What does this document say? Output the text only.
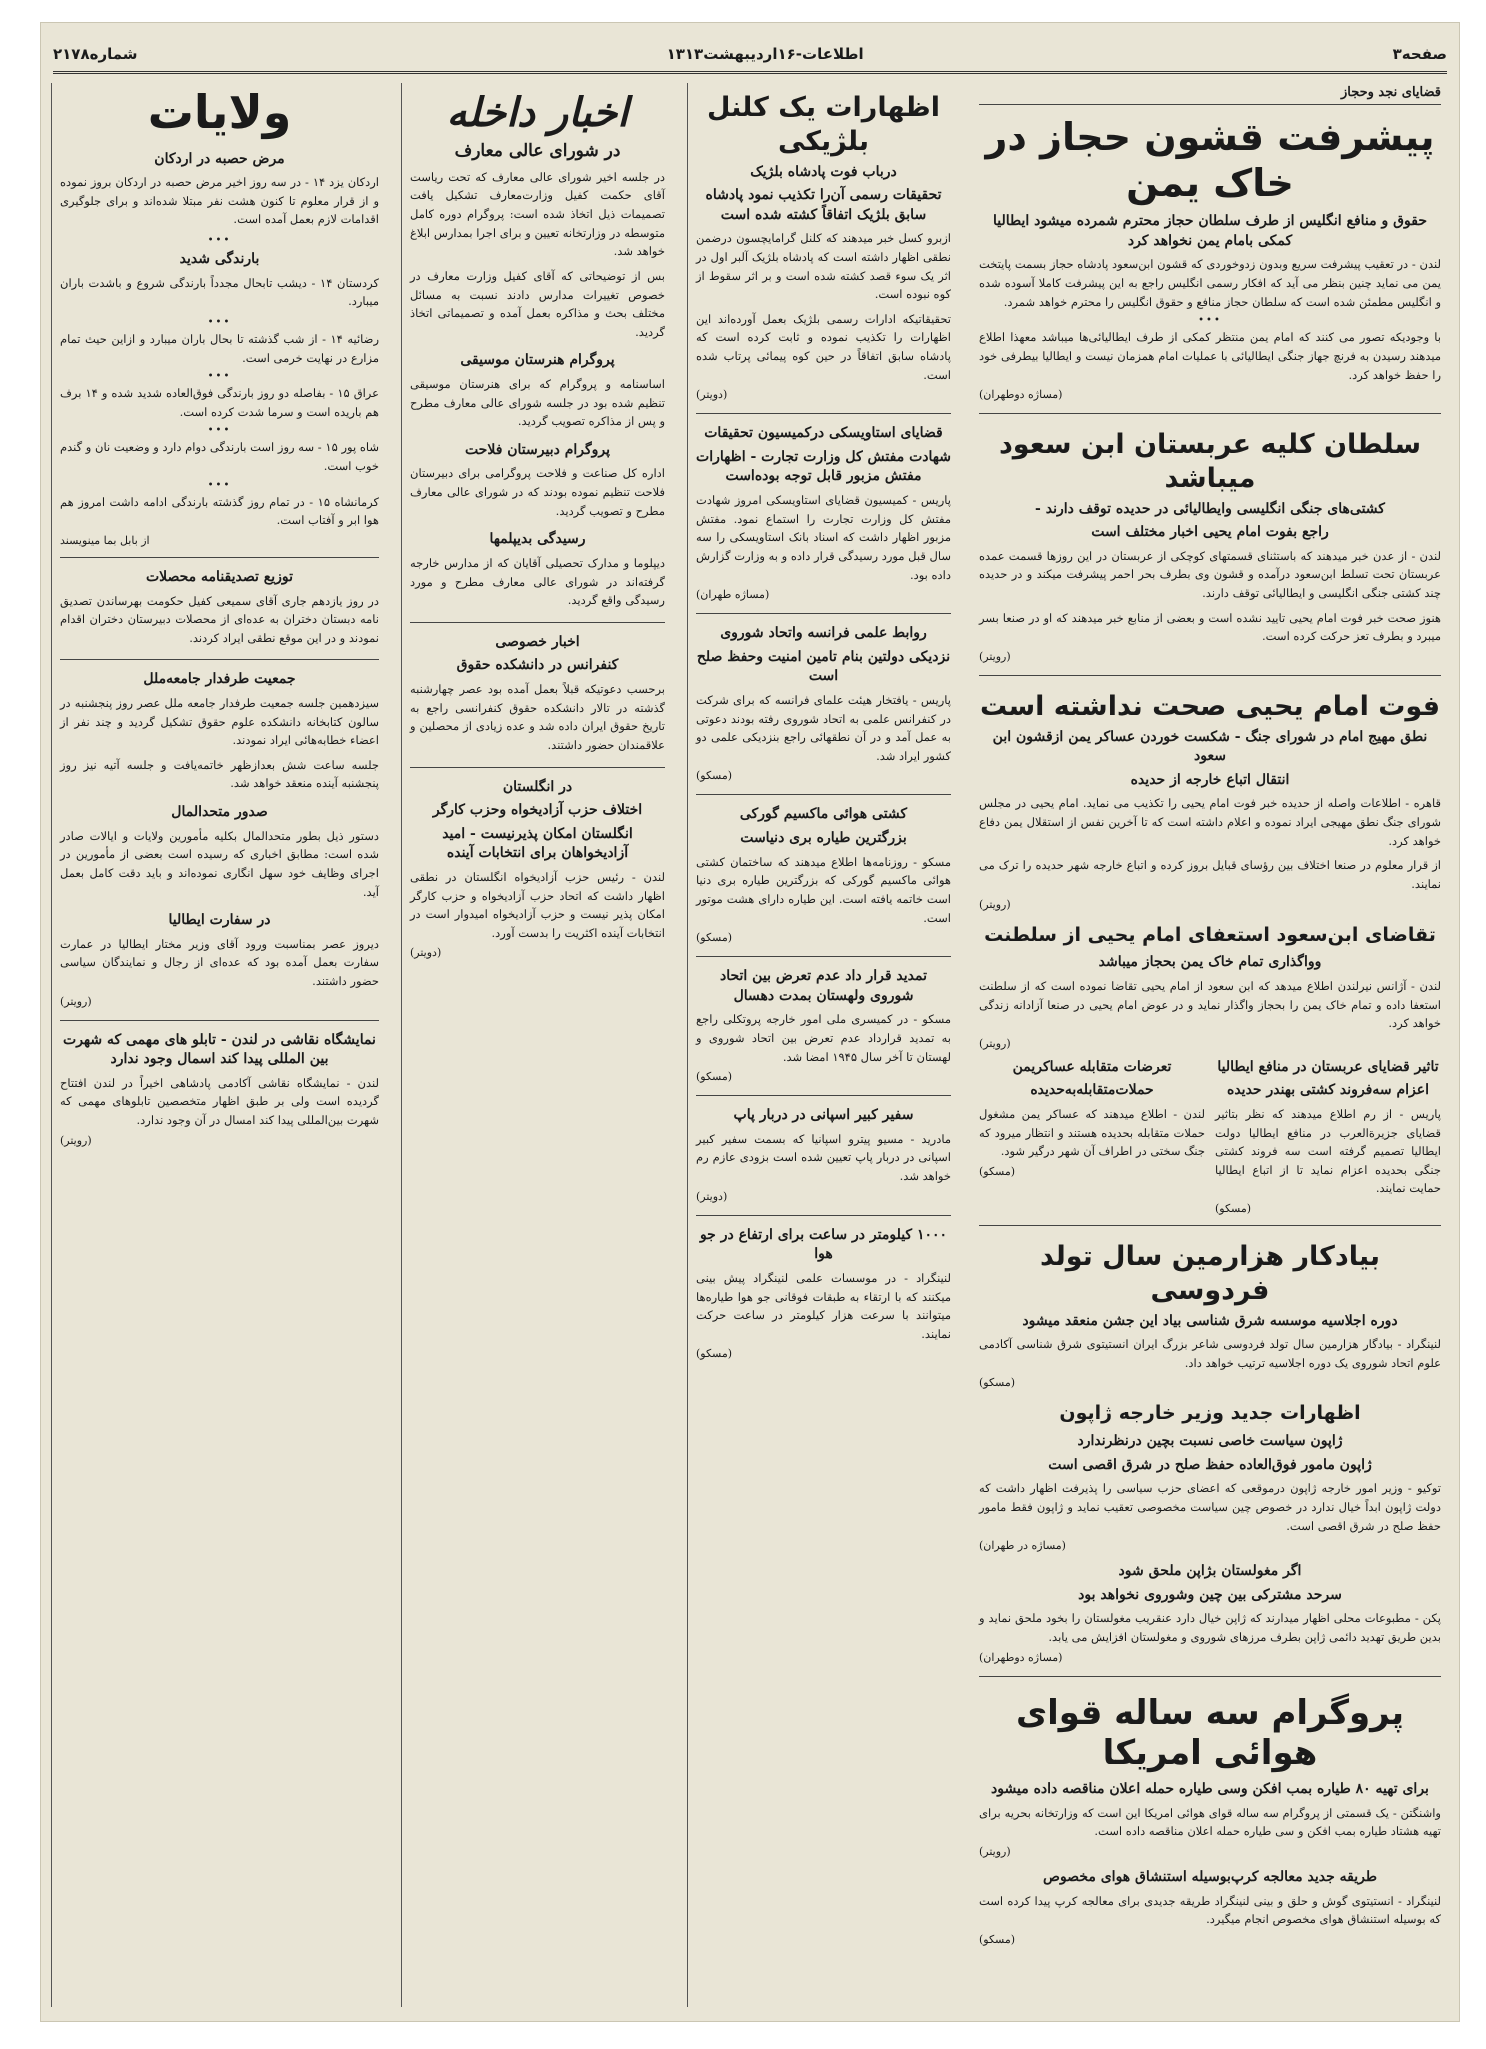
صفحه۳
اطلاعات-۱۶اردیبهشت۱۳۱۳
شماره۲۱۷۸
قضایای نجد وحجاز
پیشرفت قشون حجاز در خاک یمن
حقوق و منافع انگلیس از طرف سلطان حجاز محترم شمرده میشود ایطالیا کمکی بامام یمن نخواهد کرد
لندن - در تعقیب پیشرفت سریع وبدون زدوخوردی که قشون ابن‌سعود پادشاه حجاز بسمت پایتخت یمن می نماید چنین بنظر می آید که افکار رسمی انگلیس راجع به این پیشرفت کاملا آسوده شده و انگلیس مطمئن شده است که سلطان حجاز منافع و حقوق انگلیس را محترم خواهد شمرد.
•••
با وجودیکه تصور می کنند که امام یمن منتظر کمکی از طرف ایطالیائی‌ها میباشد معهذا اطلاع میدهند رسیدن به فرنچ جهاز جنگی ایطالیائی با عملیات امام همزمان نیست و ایطالیا بیطرفی خود را حفظ خواهد کرد.
(مساژه دوطهران)
سلطان کلیه عربستان ابن سعود میباشد
کشتی‌های جنگی انگلیسی وایطالیائی در حدیده توقف دارند -
راجع بفوت امام یحیی اخبار مختلف است
لندن - از عدن خبر میدهند که باستثنای قسمتهای کوچکی از عربستان در این روزها قسمت عمده عربستان تحت تسلط ابن‌سعود درآمده و قشون وی بطرف بحر احمر پیشرفت میکند و در حدیده چند کشتی جنگی انگلیسی و ایطالیائی توقف دارند.
هنوز صحت خبر فوت امام یحیی تایید نشده است و بعضی از منابع خبر میدهند که او در صنعا بسر میبرد و بطرف تعز حرکت کرده است.
(رویتر)
فوت امام یحیی صحت نداشته است
نطق مهیج امام در شورای جنگ - شکست خوردن عساکر یمن ازقشون ابن سعود
انتقال اتباع خارجه از حدیده
قاهره - اطلاعات واصله از حدیده خبر فوت امام یحیی را تکذیب می نماید. امام یحیی در مجلس شورای جنگ نطق مهیجی ایراد نموده و اعلام داشته است که تا آخرین نفس از استقلال یمن دفاع خواهد کرد.
از قرار معلوم در صنعا اختلاف بین رؤسای قبایل بروز کرده و اتباع خارجه شهر حدیده را ترک می نمایند.
(رویتر)
تقاضای ابن‌سعود استعفای امام یحیی از سلطنت
وواگذاری تمام خاک یمن بحجاز میباشد
لندن - آژانس نیرلندن اطلاع میدهد که ابن سعود از امام یحیی تقاضا نموده است که از سلطنت استعفا داده و تمام خاک یمن را بحجاز واگذار نماید و در عوض امام یحیی در صنعا آزادانه زندگی خواهد کرد.
(رویتر)
تاثیر قضایای عربستان در منافع ایطالیا
اعزام سه‌فروند کشتی بهندر حدیده
پاریس - از رم اطلاع میدهند که نظر بتاثیر قضایای جزیرة‌العرب در منافع ایطالیا دولت ایطالیا تصمیم گرفته است سه فروند کشتی جنگی بحدیده اعزام نماید تا از اتباع ایطالیا حمایت نمایند.
(مسکو)
تعرضات متقابله عساکریمن
حملات‌متقابله‌به‌حدیده
لندن - اطلاع میدهند که عساکر یمن مشغول حملات متقابله بحدیده هستند و انتظار میرود که جنگ سختی در اطراف آن شهر درگیر شود.
(مسکو)
بیادکار هزارمین سال تولد فردوسی
دوره اجلاسیه موسسه شرق شناسی بیاد این جشن منعقد میشود
لنینگراد - بیادگار هزارمین سال تولد فردوسی شاعر بزرگ ایران انستیتوی شرق شناسی آکادمی علوم اتحاد شوروی یک دوره اجلاسیه ترتیب خواهد داد.
(مسکو)
اظهارات جدید وزیر خارجه ژاپون
ژاپون سیاست خاصی نسبت بچین درنظرندارد
ژاپون مامور فوق‌العاده حفظ صلح در شرق اقصی است
توکیو - وزیر امور خارجه ژاپون درموقعی که اعضای حزب سیاسی را پذیرفت اظهار داشت که دولت ژاپون ابداً خیال ندارد در خصوص چین سیاست مخصوصی تعقیب نماید و ژاپون فقط مامور حفظ صلح در شرق اقصی است.
(مساژه در طهران)
اگر مغولستان بژاپن ملحق شود
سرحد مشترکی بین چین وشوروی نخواهد بود
پکن - مطبوعات محلی اظهار میدارند که ژاپن خیال دارد عنقریب مغولستان را بخود ملحق نماید و بدین طریق تهدید دائمی ژاپن بطرف مرزهای شوروی و مغولستان افزایش می یابد.
(مساژه دوطهران)
پروگرام سه ساله قوای هوائی امریکا
برای تهیه ۸۰ طیاره بمب افکن وسی طیاره حمله اعلان مناقصه داده میشود
واشنگتن - یک قسمتی از پروگرام سه ساله قوای هوائی امریکا این است که وزارتخانه بحریه برای تهیه هشتاد طیاره بمب افکن و سی طیاره حمله اعلان مناقصه داده است.
(رویتر)
طریقه جدید معالجه کرپ‌بوسیله استنشاق هوای مخصوص
لنینگراد - انستیتوی گوش و حلق و بینی لنینگراد طریقه جدیدی برای معالجه کرپ پیدا کرده است که بوسیله استنشاق هوای مخصوص انجام میگیرد.
(مسکو)
اظهارات یک کلنل بلژیکی
درباب فوت پادشاه بلژیک
تحقیقات رسمی آن‌را تکذیب نمود پادشاه سابق بلژیک اتفاقاً کشته شده است
ازبرو کسل خبر میدهند که کلنل گرامایچسون درضمن نطقی اظهار داشته است که پادشاه بلژیک آلبر اول در اثر یک سوء قصد کشته شده است و بر اثر سقوط از کوه نبوده است.
تحقیقاتیکه ادارات رسمی بلژیک بعمل آورده‌اند این اظهارات را تکذیب نموده و ثابت کرده است که پادشاه سابق اتفاقاً در حین کوه پیمائی پرتاب شده است.
(دویتر)
قضایای استاویسکی درکمیسیون تحقیقات
شهادت مفتش کل وزارت تجارت - اظهارات مفتش مزبور قابل توجه بوده‌است
پاریس - کمیسیون قضایای استاویسکی امروز شهادت مفتش کل وزارت تجارت را استماع نمود. مفتش مزبور اظهار داشت که اسناد بانک استاویسکی را سه سال قبل مورد رسیدگی قرار داده و به وزارت گزارش داده بود.
(مساژه طهران)
روابط علمی فرانسه واتحاد شوروی
نزدیکی دولتین بنام تامین امنیت وحفظ صلح است
پاریس - یافتخار هیئت علمای فرانسه که برای شرکت در کنفرانس علمی به اتحاد شوروی رفته بودند دعوتی به عمل آمد و در آن نطقهائی راجع بنزدیکی علمی دو کشور ایراد شد.
(مسکو)
کشتی هوائی ماکسیم گورکی
بزرگترین طیاره بری دنیاست
مسکو - روزنامه‌ها اطلاع میدهند که ساختمان کشتی هوائی ماکسیم گورکی که بزرگترین طیاره بری دنیا است خاتمه یافته است. این طیاره دارای هشت موتور است.
(مسکو)
تمدید قرار داد عدم تعرض بین اتحاد شوروی ولهستان بمدت دهسال
مسکو - در کمیسری ملی امور خارجه پروتکلی راجع به تمدید قرارداد عدم تعرض بین اتحاد شوروی و لهستان تا آخر سال ۱۹۴۵ امضا شد.
(مسکو)
سفیر کبیر اسپانی در دربار پاپ
مادرید - مسیو پیترو اسپانیا که بسمت سفیر کبیر اسپانی در دربار پاپ تعیین شده است بزودی عازم رم خواهد شد.
(دویتر)
۱۰۰۰ کیلومتر در ساعت برای ارتفاع در جو هوا
لنینگراد - در موسسات علمی لنینگراد پیش بینی میکنند که با ارتقاء به طبقات فوقانی جو هوا طیاره‌ها میتوانند با سرعت هزار کیلومتر در ساعت حرکت نمایند.
(مسکو)
اخبار داخله
در شورای عالی معارف
در جلسه اخیر شورای عالی معارف که تحت ریاست آقای حکمت کفیل وزارت‌معارف تشکیل یافت تصمیمات ذیل اتخاذ شده است: پروگرام دوره کامل متوسطه در وزارتخانه تعیین و برای اجرا بمدارس ابلاغ خواهد شد.
بس از توضیحاتی که آقای کفیل وزارت معارف در خصوص تغییرات مدارس دادند نسبت به مسائل مختلف بحث و مذاکره بعمل آمده و تصمیماتی اتخاذ گردید.
پروگرام هنرستان موسیقی
اساسنامه و پروگرام که برای هنرستان موسیقی تنظیم شده بود در جلسه شورای عالی معارف مطرح و پس از مذاکره تصویب گردید.
پروگرام دبیرستان فلاحت
اداره کل صناعت و فلاحت پروگرامی برای دبیرستان فلاحت تنظیم نموده بودند که در شورای عالی معارف مطرح و تصویب گردید.
رسیدگی بدیپلمها
دیپلوما و مدارک تحصیلی آقایان که از مدارس خارجه گرفته‌اند در شورای عالی معارف مطرح و مورد رسیدگی واقع گردید.
اخبار خصوصی
کنفرانس در دانشکده حقوق
برحسب دعوتیکه قبلاً بعمل آمده بود عصر چهارشنبه گذشته در تالار دانشکده حقوق کنفرانسی راجع به تاریخ حقوق ایران داده شد و عده زیادی از محصلین و علاقمندان حضور داشتند.
در انگلستان
اختلاف حزب آزادیخواه وحزب کارگر
انگلستان امکان پذیرنیست - امید آزادیخواهان برای انتخابات آینده
لندن - رئیس حزب آزادیخواه انگلستان در نطقی اظهار داشت که اتحاد حزب آزادیخواه و حزب کارگر امکان پذیر نیست و حزب آزادیخواه امیدوار است در انتخابات آینده اکثریت را بدست آورد.
(دویتر)
ولایات
مرض حصبه در اردکان
اردکان یزد ۱۴ - در سه روز اخیر مرض حصبه در اردکان بروز نموده و از قرار معلوم تا کنون هشت نفر مبتلا شده‌اند و برای جلوگیری اقدامات لازم بعمل آمده است.
•••
بارندگی شدید
کردستان ۱۴ - دیشب تابحال مجدداً بارندگی شروع و باشدت باران میبارد.
•••
رضائیه ۱۴ - از شب گذشته تا بحال باران میبارد و ازاین حیث تمام مزارع در نهایت خرمی است.
•••
عراق ۱۵ - بفاصله دو روز بارندگی فوق‌العاده شدید شده و ۱۴ برف هم باریده است و سرما شدت کرده است.
•••
شاه پور ۱۵ - سه روز است بارندگی دوام دارد و وضعیت نان و گندم خوب است.
•••
کرمانشاه ۱۵ - در تمام روز گذشته بارندگی ادامه داشت امروز هم هوا ابر و آفتاب است.
از بابل بما مینویسند
توزیع تصدیقنامه محصلات
در روز یازدهم جاری آقای سمیعی کفیل حکومت بهرساندن تصدیق نامه دبستان دختران به عده‌ای از محصلات دبیرستان دختران اقدام نمودند و در این موقع نطقی ایراد کردند.
جمعیت طرفدار جامعه‌ملل
سیزدهمین جلسه جمعیت طرفدار جامعه ملل عصر روز پنجشنبه در سالون کتابخانه دانشکده علوم حقوق تشکیل گردید و چند نفر از اعضاء خطابه‌هائی ایراد نمودند.
جلسه ساعت شش بعدازظهر خاتمه‌یافت و جلسه آتیه نیز روز پنجشنبه آینده منعقد خواهد شد.
صدور متحدالمال
دستور ذیل بطور متحدالمال بکلیه مأمورین ولایات و ایالات صادر شده است: مطابق اخباری که رسیده است بعضی از مأمورین در اجرای وظایف خود سهل انگاری نموده‌اند و باید دقت کامل بعمل آید.
در سفارت ایطالیا
دیروز عصر بمناسبت ورود آقای وزیر مختار ایطالیا در عمارت سفارت بعمل آمده بود که عده‌ای از رجال و نمایندگان سیاسی حضور داشتند.
(رویتر)
نمایشگاه نقاشی در لندن - تابلو های مهمی که شهرت بین المللی پیدا کند اسمال وجود ندارد
لندن - نمایشگاه نقاشی آکادمی پادشاهی اخیراً در لندن افتتاح گردیده است ولی بر طبق اظهار متخصصین تابلوهای مهمی که شهرت بین‌المللی پیدا کند امسال در آن وجود ندارد.
(رویتر)
